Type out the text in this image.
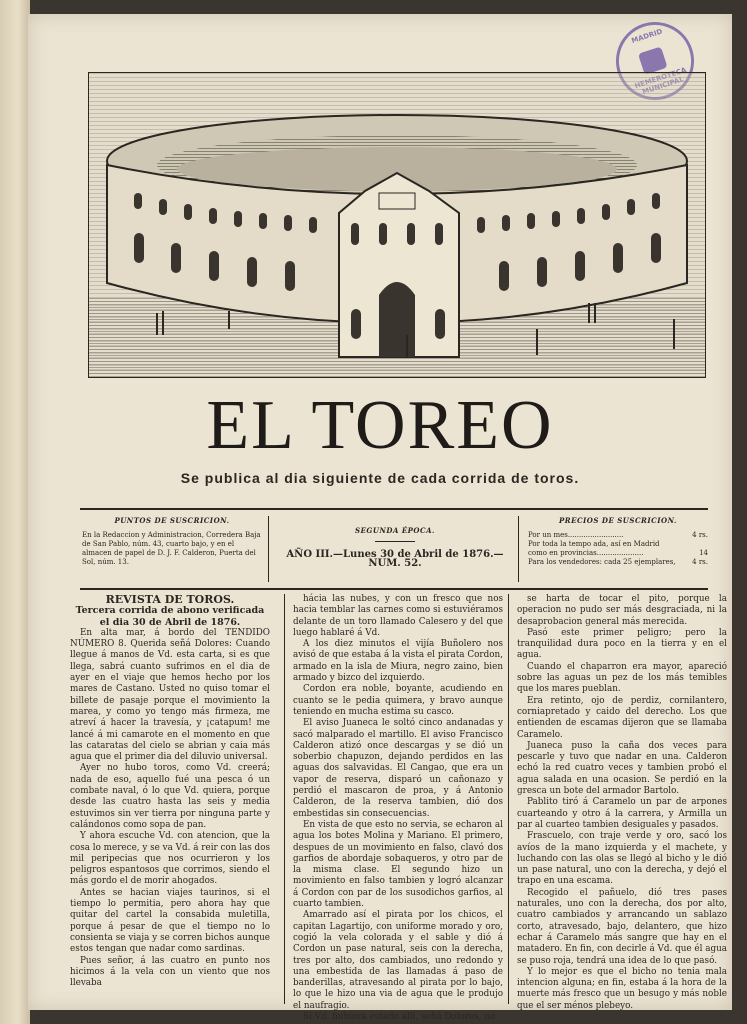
MADRID
EL TOREO
Se publica al dia siguiente de cada corrida de toros.
PUNTOS DE SUSCRICION.
En la Redaccion y Administracion, Correderа Baja de San Pablo, núm. 43, cuarto bajo, y en el almacen de papel de D. J. F. Calderon, Puerta del Sol, núm. 13.
SEGUNDA ÉPOCA.
AÑO III.—Lunes 30 de Abril de 1876.—NUM. 52.
PRECIOS DE SUSCRICION.
Por un mes.........................	4 rs.
Por toda la tempo ada, así en Madrid
como en provincias.....................	14
Para los vendedores: cada 25 ejemplares, 4 rs.

REVISTA DE TOROS.

Tercera corrida de abono verificada el dia 30 de Abril de 1876.

En alta mar, á bordo del TENDIDO NÚMERO 8. Querida señá Dolores: Cuando llegue á manos de Vd. esta carta, si es que llega, sabrá cuanto sufrimos en el dia de ayer en el viaje que hemos hecho por los mares de Castano. Usted no quiso tomar el billete de pasaje porque el movimiento la marea, y como yo tengo más firmeza, me atreví á hacer la travesía, y ¡catapum! me lancé á mi camarote en el momento en que las cataratas del cielo se abrian y caia más agua que el primer dia del diluvio universal.

Ayer no hubo toros, como Vd. creerá; nada de eso, aquello fué una pesca ó un combate naval, ó lo que Vd. quiera, porque desde las cuatro hasta las seis y media estuvimos sin ver tierra por ninguna parte y calándonos como sopa de pan.

Y ahora escuche Vd. con atencion, que la cosa lo merece, y se va Vd. á reir con las dos mil peripecias que nos ocurrieron y los peligros espantosos que corrimos, siendo el más gordo el de morir ahogados.

Antes se hacian viajes taurinos, si el tiempo lo permitia, pero ahora hay que quitar del cartel la consabida muletilla, porque á pesar de que el tiempo no lo consienta se viaja y se corren bichos aunque estos tengan que nadar como sardinas.

Pues señor, á las cuatro en punto nos hicimos á la vela con un viento que nos llevaba

hácia las nubes, y con un fresco que nos hacia temblar las carnes como si estuviéramos delante de un toro llamado Calesero y del que luego hablaré á Vd.

A los diez minutos el vijía Buñolero nos avisó de que estaba á la vista el pirata Cordon, armado en la isla de Miura, negro zaino, bien armado y bizco del izquierdo.

Cordon era noble, boyante, acudiendo en cuanto se le pedia quimera, y bravo aunque teniendo en mucha estima su casco.

El aviso Juaneca le soltó cinco andanadas y sacó malparado el martillo. El aviso Francisco Calderon atizó once descargas y se dió un soberbio chapuzon, dejando perdidos en las aguas dos salvavidas. El Cangao, que era un vapor de reserva, disparó un cañonazo y perdió el mascaron de proa, y á Antonio Calderon, de la reserva tambien, dió dos embestidas sin consecuencias.

En vista de que esto no servia, se echaron al agua los botes Molina y Mariano. El primero, despues de un movimiento en falso, clavó dos garfios de abordaje sobaqueros, y otro par de la misma clase. El segundo hizo un movimiento en falso tambien y logró alcanzar á Cordon con par de los susodichos garfios, al cuarto tambien.

Amarrado así el pirata por los chicos, el capitan Lagartijo, con uniforme morado y oro, cogió la vela colorada y el sable y dió á Cordon un pase natural, seis con la derecha, tres por alto, dos cambiados, uno redondo y una embestida de las llamadas á paso de banderillas, atravesando al pirata por lo bajo, lo que le hizo una via de agua que le produjo el naufragio.

Si Vd. hubiera estado allí, señá Dolores, no

se harta de tocar el pito, porque la operacion no pudo ser más desgraciada, ni la desaprobacion general más merecida.

Pasó este primer peligro; pero la tranquilidad dura poco en la tierra y en el agua.

Cuando el chaparron era mayor, apareció sobre las aguas un pez de los más temibles que los mares pueblan.

Era retinto, ojo de perdiz, cornilantero, corniapretado y caido del derecho. Los que entienden de escamas dijeron que se llamaba Caramelo.

Juaneca puso la caña dos veces para pescarle y tuvo que nadar en una. Calderon echó la red cuatro veces y tambien probó el agua salada en una ocasion. Se perdió en la gresca un bote del armador Bartolo.

Pablito tiró á Caramelo un par de arpones cuarteando y otro á la carrera, y Armilla un par al cuarteo tambien desiguales y pasados.

Frascuelo, con traje verde y oro, sacó los avíos de la mano izquierda y el machete, y luchando con las olas se llegó al bicho y le dió un pase natural, uno con la derecha, y dejó el trapo en una escama.

Recogido el pañuelo, dió tres pases naturales, uno con la derecha, dos por alto, cuatro cambiados y arrancando un sablazo corto, atravesado, bajo, delantero, que hizo echar á Caramelo más sangre que hay en el matadero. En fin, con decirle á Vd. que él agua se puso roja, tendrá una idea de lo que pasó.

Y lo mejor es que el bicho no tenia mala intencion alguna; en fin, estaba á la hora de la muerte más fresco que un besugo y más noble que el ser ménos plebeyo.
